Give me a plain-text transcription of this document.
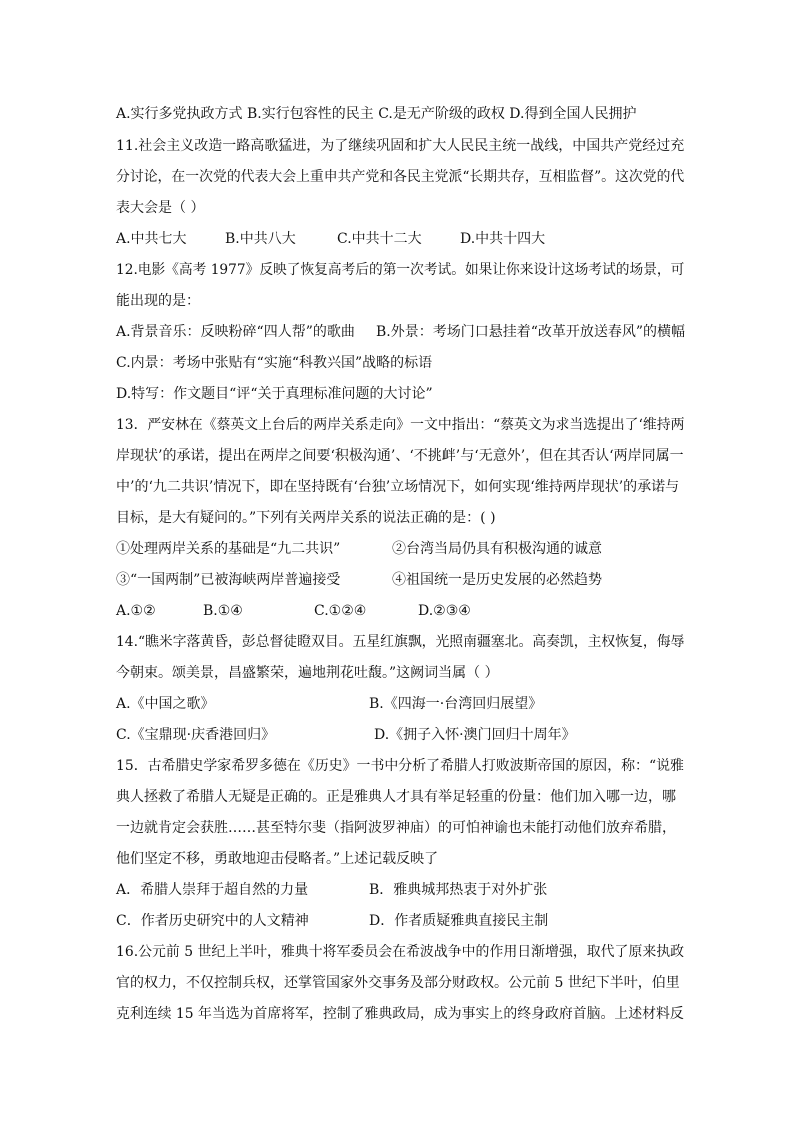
A.实行多党执政方式 B.实行包容性的民主 C.是无产阶级的政权 D.得到全国人民拥护
11.社会主义改造一路高歌猛进，为了继续巩固和扩大人民民主统一战线，中国共产党经过充
分讨论，在一次党的代表大会上重申共产党和各民主党派“长期共存，互相监督”。这次党的代
表大会是（ ）
A.中共七大	B.中共八大	C.中共十二大	D.中共十四大
12.电影《高考 1977》反映了恢复高考后的第一次考试。如果让你来设计这场考试的场景，可
能出现的是：
A.背景音乐：反映粉碎“四人帮”的歌曲 B.外景：考场门口悬挂着“改革开放送春风”的横幅
C.内景：考场中张贴有“实施“科教兴国”战略的标语
D.特写：作文题目“评“关于真理标准问题的大讨论”
13．严安林在《蔡英文上台后的两岸关系走向》一文中指出：“蔡英文为求当选提出了‘维持两
岸现状’的承诺，提出在两岸之间要‘积极沟通’、‘不挑衅’与‘无意外’，但在其否认‘两岸同属一
中’的‘九二共识’情况下，即在坚持既有‘台独’立场情况下，如何实现‘维持两岸现状’的承诺与
目标，是大有疑问的。”下列有关两岸关系的说法正确的是：( )
①处理两岸关系的基础是“九二共识”	②台湾当局仍具有积极沟通的诚意
③“一国两制”已被海峡两岸普遍接受	④祖国统一是历史发展的必然趋势
A.①②	B.①④	C.①②④	D.②③④
14.“瞧米字落黄昏，彭总督徒瞪双目。五星红旗飘，光照南疆塞北。高奏凯，主权恢复，侮辱
今朝束。颂美景，昌盛繁荣，遍地荆花吐馥。”这阙词当属（ ）
A.《中国之歌》	B.《四海一·台湾回归展望》
C.《宝鼎现·庆香港回归》	D.《拥子入怀·澳门回归十周年》
15．古希腊史学家希罗多德在《历史》一书中分析了希腊人打败波斯帝国的原因，称：“说雅
典人拯救了希腊人无疑是正确的。正是雅典人才具有举足轻重的份量：他们加入哪一边，哪
一边就肯定会获胜……甚至特尔斐（指阿波罗神庙）的可怕神谕也未能打动他们放弃希腊，
他们坚定不移，勇敢地迎击侵略者。”上述记载反映了
A．希腊人崇拜于超自然的力量	B．雅典城邦热衷于对外扩张
C．作者历史研究中的人文精神	D．作者质疑雅典直接民主制
16.公元前 5 世纪上半叶，雅典十将军委员会在希波战争中的作用日渐增强，取代了原来执政
官的权力，不仅控制兵权，还掌管国家外交事务及部分财政权。公元前 5 世纪下半叶，伯里
克利连续 15 年当选为首席将军，控制了雅典政局，成为事实上的终身政府首脑。上述材料反
